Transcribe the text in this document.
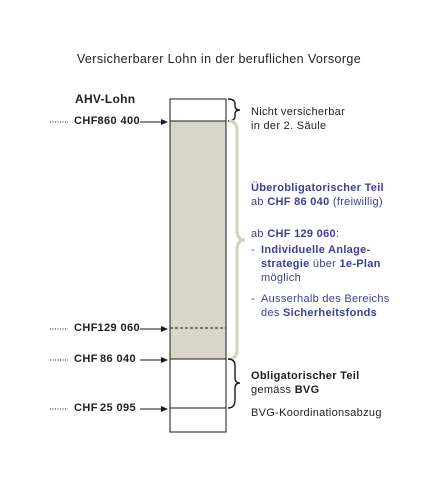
Versicherbarer Lohn in der beruflichen Vorsorge
AHV-Lohn
CHF 860 400
CHF 129 060
CHF 86 040
CHF 25 095
Nicht versicherbar
in der 2. Säule
Überobligatorischer Teil
ab CHF 86 040 (freiwillig)
ab CHF 129 060:
- Individuelle Anlage-
strategie über 1e-Plan
möglich
- Ausserhalb des Bereichs
des Sicherheitsfonds
Obligatorischer Teil
gemäss BVG
BVG-Koordinationsabzug
